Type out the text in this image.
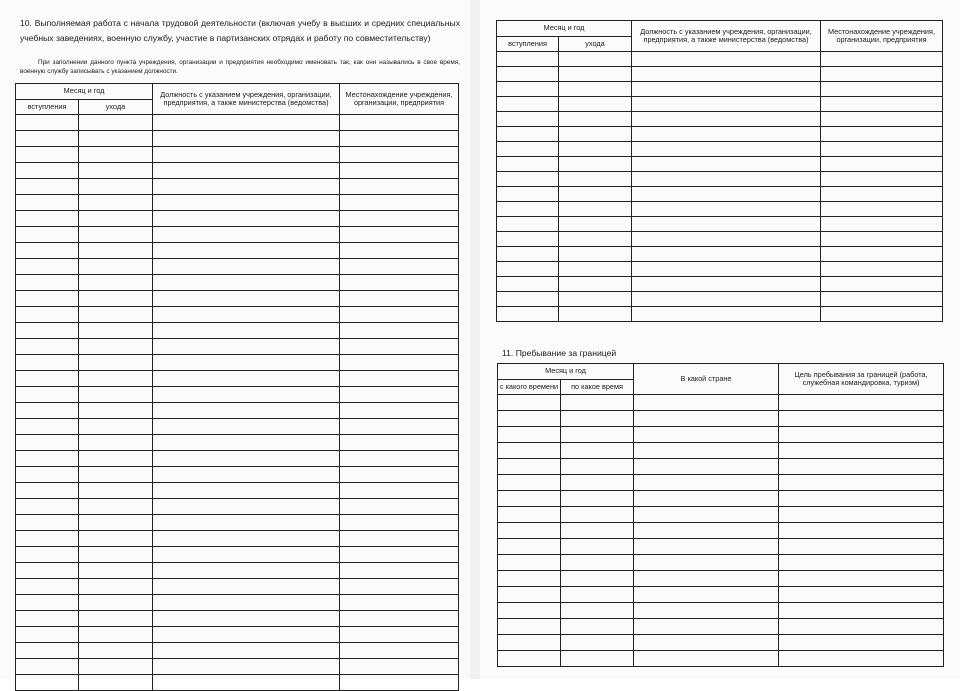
10. Выполняемая работа с начала трудовой деятельности (включая учебу в высших и средних специальных учебных заведениях, военную службу, участие в партизанских отрядах и работу по совместительству)
При заполнении данного пункта учреждения, организации и предприятия необходимо именовать так, как они назывались в свое время, военную службу записывать с указанием должности.
Месяц и год		Должность с указанием учреждения, организации, предприятия, а также министерства (ведомства)	Местонахождение учреждения, организации, предприятия
вступления	ухода		

Месяц и год		Должность с указанием учреждения, организации, предприятия, а также министерства (ведомства)	Местонахождение учреждения, организации, предприятия
вступления	ухода		

11. Пребывание за границей
Месяц и год		В какой стране	Цель пребывания за границей (работа, служебная командировка, туризм)
с какого времени	по какое время		
